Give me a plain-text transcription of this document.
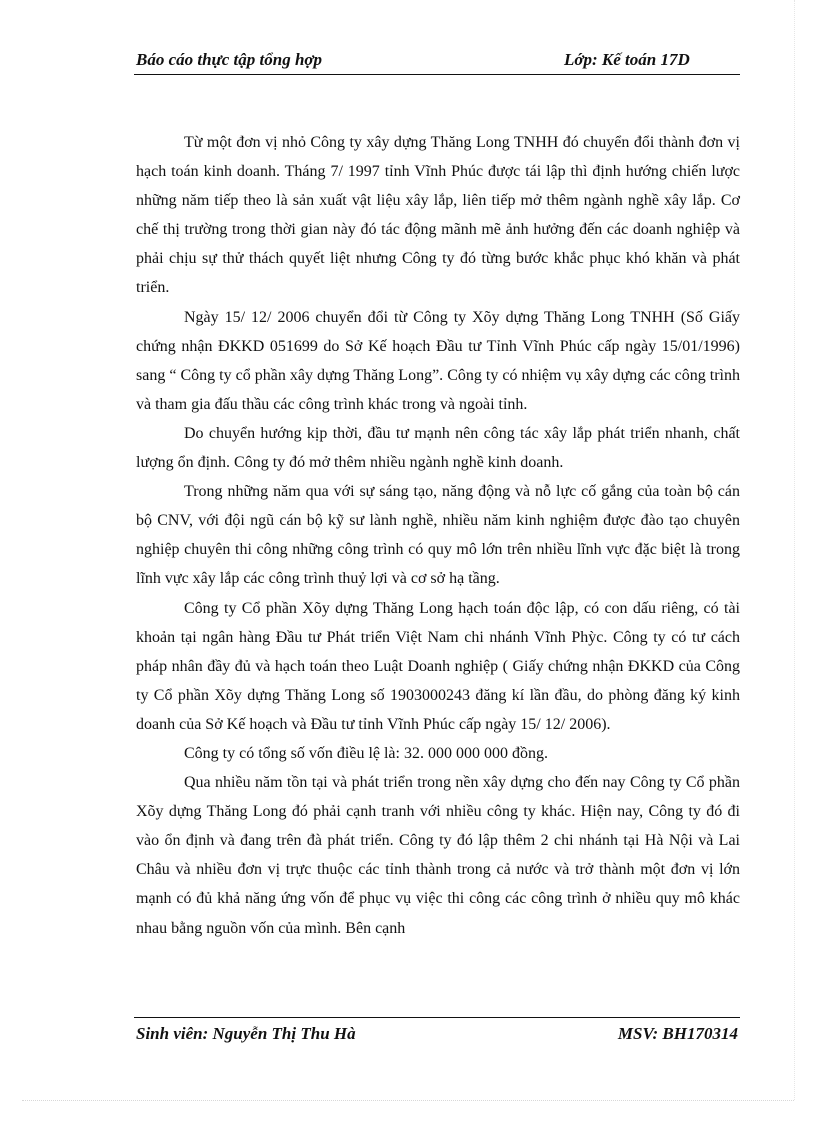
Báo cáo thực tập tổng hợp	Lớp: Kế toán 17D

Từ một đơn vị nhỏ Công ty xây dựng Thăng Long TNHH đó chuyển đổi thành đơn vị hạch toán kinh doanh. Tháng 7/ 1997 tỉnh Vĩnh Phúc được tái lập thì định hướng chiến lược những năm tiếp theo là sản xuất vật liệu xây lắp, liên tiếp mở thêm ngành nghề xây lắp. Cơ chế thị trường trong thời gian này đó tác động mãnh mẽ ảnh hưởng đến các doanh nghiệp và phải chịu sự thử thách quyết liệt nhưng Công ty đó từng bước khắc phục khó khăn và phát triển.

Ngày 15/ 12/ 2006 chuyển đổi từ Công ty Xõy dựng Thăng Long TNHH (Số Giấy chứng nhận ĐKKD 051699 do Sở Kế hoạch Đầu tư Tỉnh Vĩnh Phúc cấp ngày 15/01/1996) sang “ Công ty cổ phần xây dựng Thăng Long”. Công ty có nhiệm vụ xây dựng các công trình và tham gia đấu thầu các công trình khác trong và ngoài tỉnh.

Do chuyển hướng kịp thời, đầu tư mạnh nên công tác xây lắp phát triển nhanh, chất lượng ổn định. Công ty đó mở thêm nhiều ngành nghề kinh doanh.

Trong những năm qua với sự sáng tạo, năng động và nỗ lực cố gắng của toàn bộ cán bộ CNV, với đội ngũ cán bộ kỹ sư lành nghề, nhiều năm kinh nghiệm được đào tạo chuyên nghiệp chuyên thi công những công trình có quy mô lớn trên nhiều lĩnh vực đặc biệt là trong lĩnh vực xây lắp các công trình thuỷ lợi và cơ sở hạ tầng.

Công ty Cổ phần Xõy dựng Thăng Long hạch toán độc lập, có con dấu riêng, có tài khoản tại ngân hàng Đầu tư Phát triển Việt Nam chi nhánh Vĩnh Phỳc. Công ty có tư cách pháp nhân đầy đủ và hạch toán theo Luật Doanh nghiệp ( Giấy chứng nhận ĐKKD của Công ty Cổ phần Xõy dựng Thăng Long số 1903000243 đăng kí lần đầu, do phòng đăng ký kinh doanh của Sở Kế hoạch và Đầu tư tỉnh Vĩnh Phúc cấp ngày 15/ 12/ 2006).

Công ty có tổng số vốn điều lệ là: 32. 000 000 000 đồng.

Qua nhiều năm tồn tại và phát triển trong nền xây dựng cho đến nay Công ty Cổ phần Xõy dựng Thăng Long đó phải cạnh tranh với nhiều công ty khác. Hiện nay, Công ty đó đi vào ổn định và đang trên đà phát triển. Công ty đó lập thêm 2 chi nhánh tại Hà Nội và Lai Châu và nhiều đơn vị trực thuộc các tỉnh thành trong cả nước và trở thành một đơn vị lớn mạnh có đủ khả năng ứng vốn để phục vụ việc thi công các công trình ở nhiều quy mô khác nhau bằng nguồn vốn của mình. Bên cạnh

Sinh viên: Nguyễn Thị Thu Hà	MSV: BH170314
